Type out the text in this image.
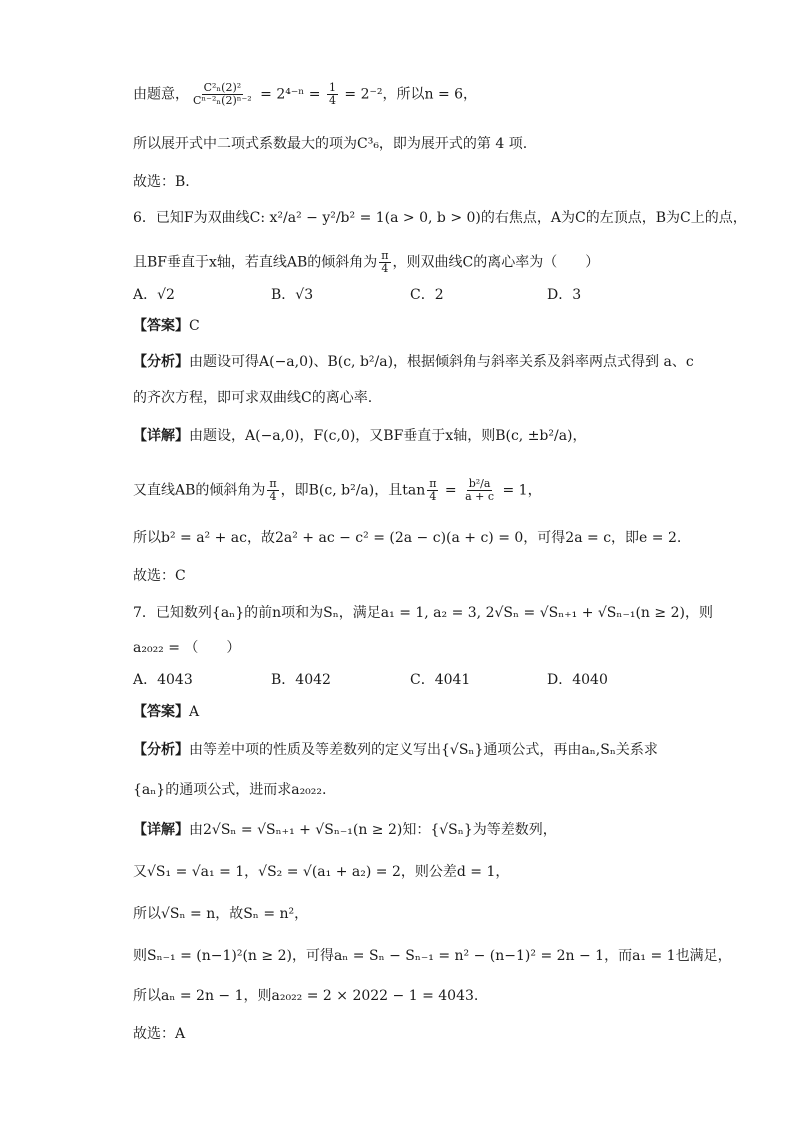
由题意， $\frac{\text{C²ₙ(2)²}}{\text{Cⁿ⁻²ₙ(2)ⁿ⁻²}} = 2^{4-n} = \frac{1}{4} = 2^{-2}$，所以n = 6，
所以展开式中二项式系数最大的项为C³₆，即为展开式的第 4 项.
故选：B.
6．已知F为双曲线C: x²/a² − y²/b² = 1(a > 0, b > 0)的右焦点，A为C的左顶点，B为C上的点，
且BF垂直于x轴，若直线AB的倾斜角为 $\frac{\pi}{4}$ ，则双曲线C的离心率为（　　）
A．√2	B．√3	C．2	D．3
【答案】C
【分析】由题设可得A(−a,0)、B(c, b²/a)，根据倾斜角与斜率关系及斜率两点式得到 a、c
的齐次方程，即可求双曲线C的离心率.
【详解】由题设，A(−a,0)，F(c,0)，又BF垂直于x轴，则B(c, ±b²/a)，
又直线AB的倾斜角为 $\frac{\pi}{4}$ ，即B(c, b²/a)，且$\tan \frac{\pi}{4} = \frac{\text{b²/a}}{a + c} = 1$，
所以b² = a² + ac，故2a² + ac − c² = (2a − c)(a + c) = 0，可得2a = c，即e = 2.
故选：C
7．已知数列{aₙ}的前n项和为Sₙ，满足a₁ = 1, a₂ = 3, 2√Sₙ = √Sₙ₊₁ + √Sₙ₋₁(n ≥ 2)，则
a₂₀₂₂ = （　　）
A．4043	B．4042	C．4041	D．4040
【答案】A
【分析】由等差中项的性质及等差数列的定义写出{√Sₙ}通项公式，再由aₙ,Sₙ关系求
{aₙ}的通项公式，进而求a₂₀₂₂.
【详解】由2√Sₙ = √Sₙ₊₁ + √Sₙ₋₁(n ≥ 2)知：{√Sₙ}为等差数列，
又√S₁ = √a₁ = 1，√S₂ = √(a₁ + a₂) = 2，则公差d = 1，
所以√Sₙ = n，故Sₙ = n²，
则Sₙ₋₁ = (n−1)²(n ≥ 2)，可得aₙ = Sₙ − Sₙ₋₁ = n² − (n−1)² = 2n − 1，而a₁ = 1也满足，
所以aₙ = 2n − 1，则a₂₀₂₂ = 2 × 2022 − 1 = 4043.
故选：A
